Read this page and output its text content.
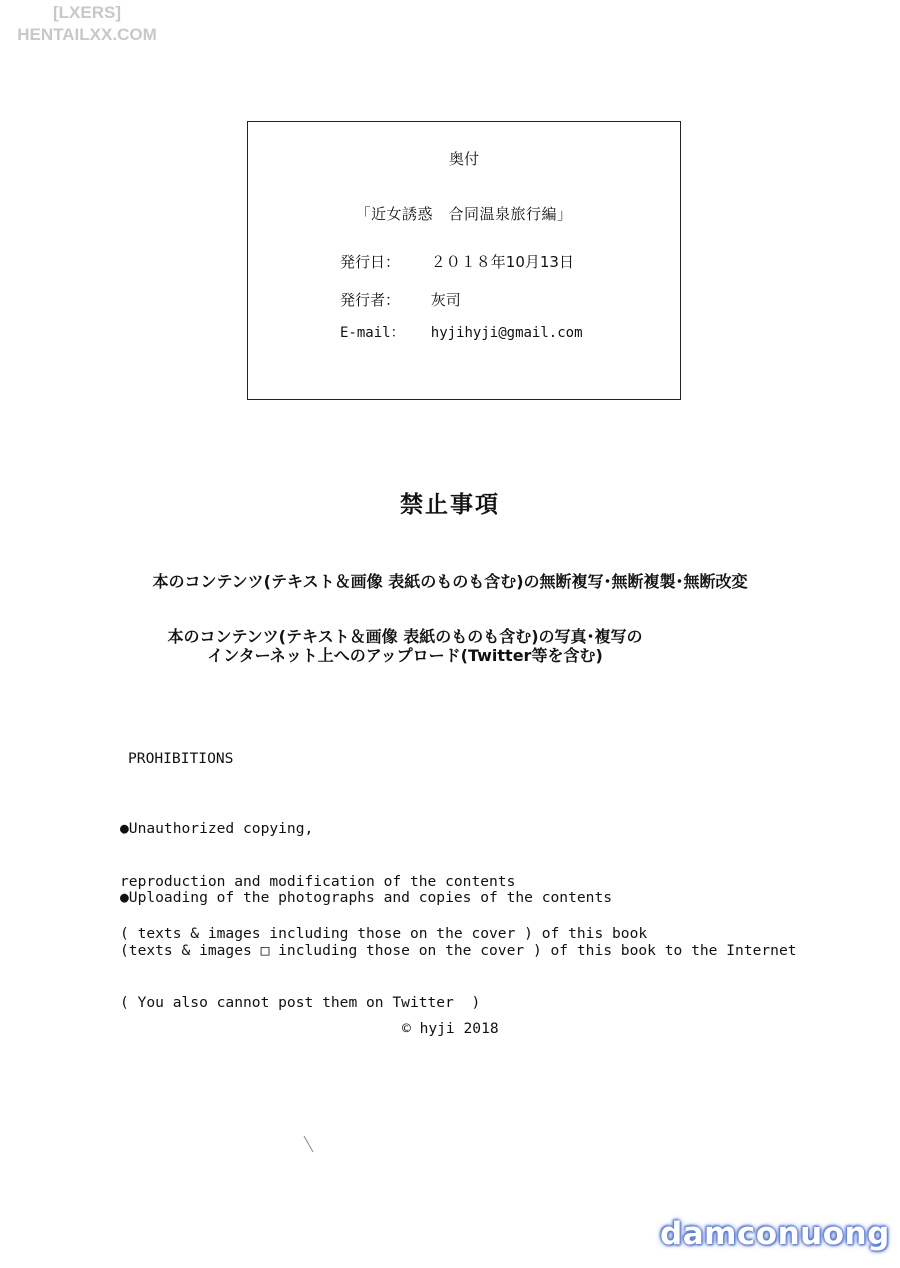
[LXERS]
HENTAILXX.COM
奥付
「近女誘惑　合同温泉旅行編」
発行日： ２０１８年10月13日
発行者： 灰司
E-mail： hyjihyji@gmail.com
禁止事項
本のコンテンツ(テキスト＆画像 表紙のものも含む)の無断複写･無断複製･無断改変
本のコンテンツ(テキスト＆画像 表紙のものも含む)の写真･複写の
インターネット上へのアップロード(Twitter等を含む)
PROHIBITIONS

●Unauthorized copying,

reproduction and modification of the contents

( texts & images including those on the cover ) of this book

●Uploading of the photographs and copies of the contents

(texts & images □ including those on the cover ) of this book to the Internet

( You also cannot post them on Twitter  )

© hyji 2018
damconuong
